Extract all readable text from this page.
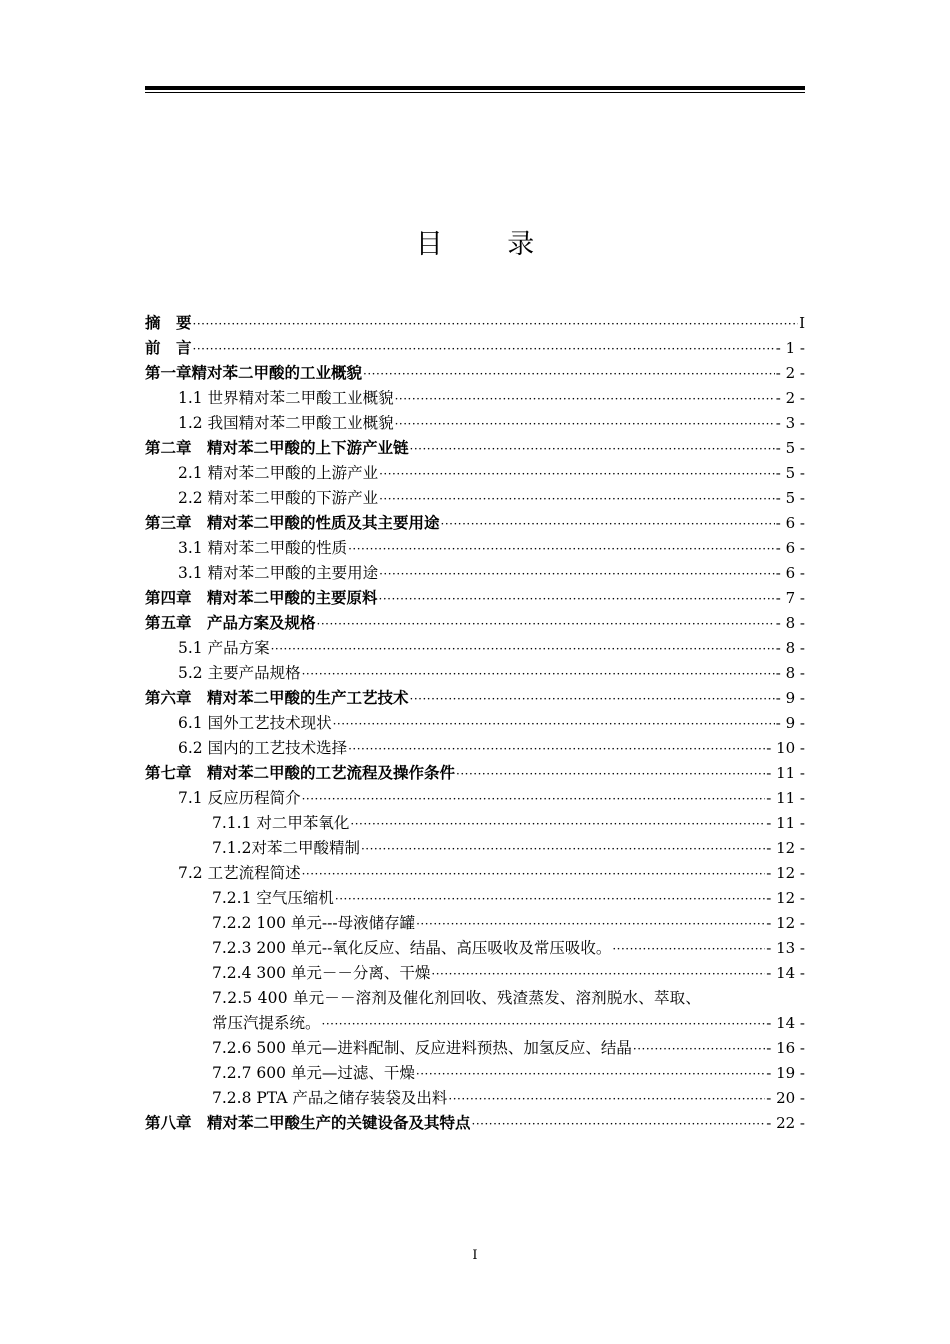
目 录
摘　要 ·····	I
前　言 ·····	- 1 -
第一章精对苯二甲酸的工业概貌 ·····	- 2 -
1.1 世界精对苯二甲酸工业概貌 ·····	- 2 -
1.2 我国精对苯二甲酸工业概貌 ·····	- 3 -
第二章　精对苯二甲酸的上下游产业链 ·····	- 5 -
2.1 精对苯二甲酸的上游产业 ·····	- 5 -
2.2 精对苯二甲酸的下游产业 ·····	- 5 -
第三章　精对苯二甲酸的性质及其主要用途 ·····	- 6 -
3.1 精对苯二甲酸的性质 ·····	- 6 -
3.1 精对苯二甲酸的主要用途 ·····	- 6 -
第四章　精对苯二甲酸的主要原料 ·····	- 7 -
第五章　产品方案及规格 ·····	- 8 -
5.1 产品方案 ·····	- 8 -
5.2 主要产品规格 ·····	- 8 -
第六章　精对苯二甲酸的生产工艺技术 ·····	- 9 -
6.1 国外工艺技术现状 ·····	- 9 -
6.2 国内的工艺技术选择 ·····	- 10 -
第七章　精对苯二甲酸的工艺流程及操作条件 ·····	- 11 -
7.1 反应历程简介 ·····	- 11 -
7.1.1 对二甲苯氧化 ·····	- 11 -
7.1.2对苯二甲酸精制 ·····	- 12 -
7.2 工艺流程简述 ·····	- 12 -
7.2.1 空气压缩机 ·····	- 12 -
7.2.2 100 单元---母液储存罐 ·····	- 12 -
7.2.3 200 单元--氧化反应、结晶、高压吸收及常压吸收。 ·····	- 13 -
7.2.4 300 单元－－分离、干燥 ·····	- 14 -
7.2.5 400 单元－－溶剂及催化剂回收、残渣蒸发、溶剂脱水、萃取、
常压汽提系统。 ·····	- 14 -
7.2.6 500 单元—进料配制、反应进料预热、加氢反应、结晶 ·····	- 16 -
7.2.7 600 单元—过滤、干燥 ·····	- 19 -
7.2.8 PTA 产品之储存装袋及出料 ·····	- 20 -
第八章　精对苯二甲酸生产的关键设备及其特点 ·····	- 22 -
I
